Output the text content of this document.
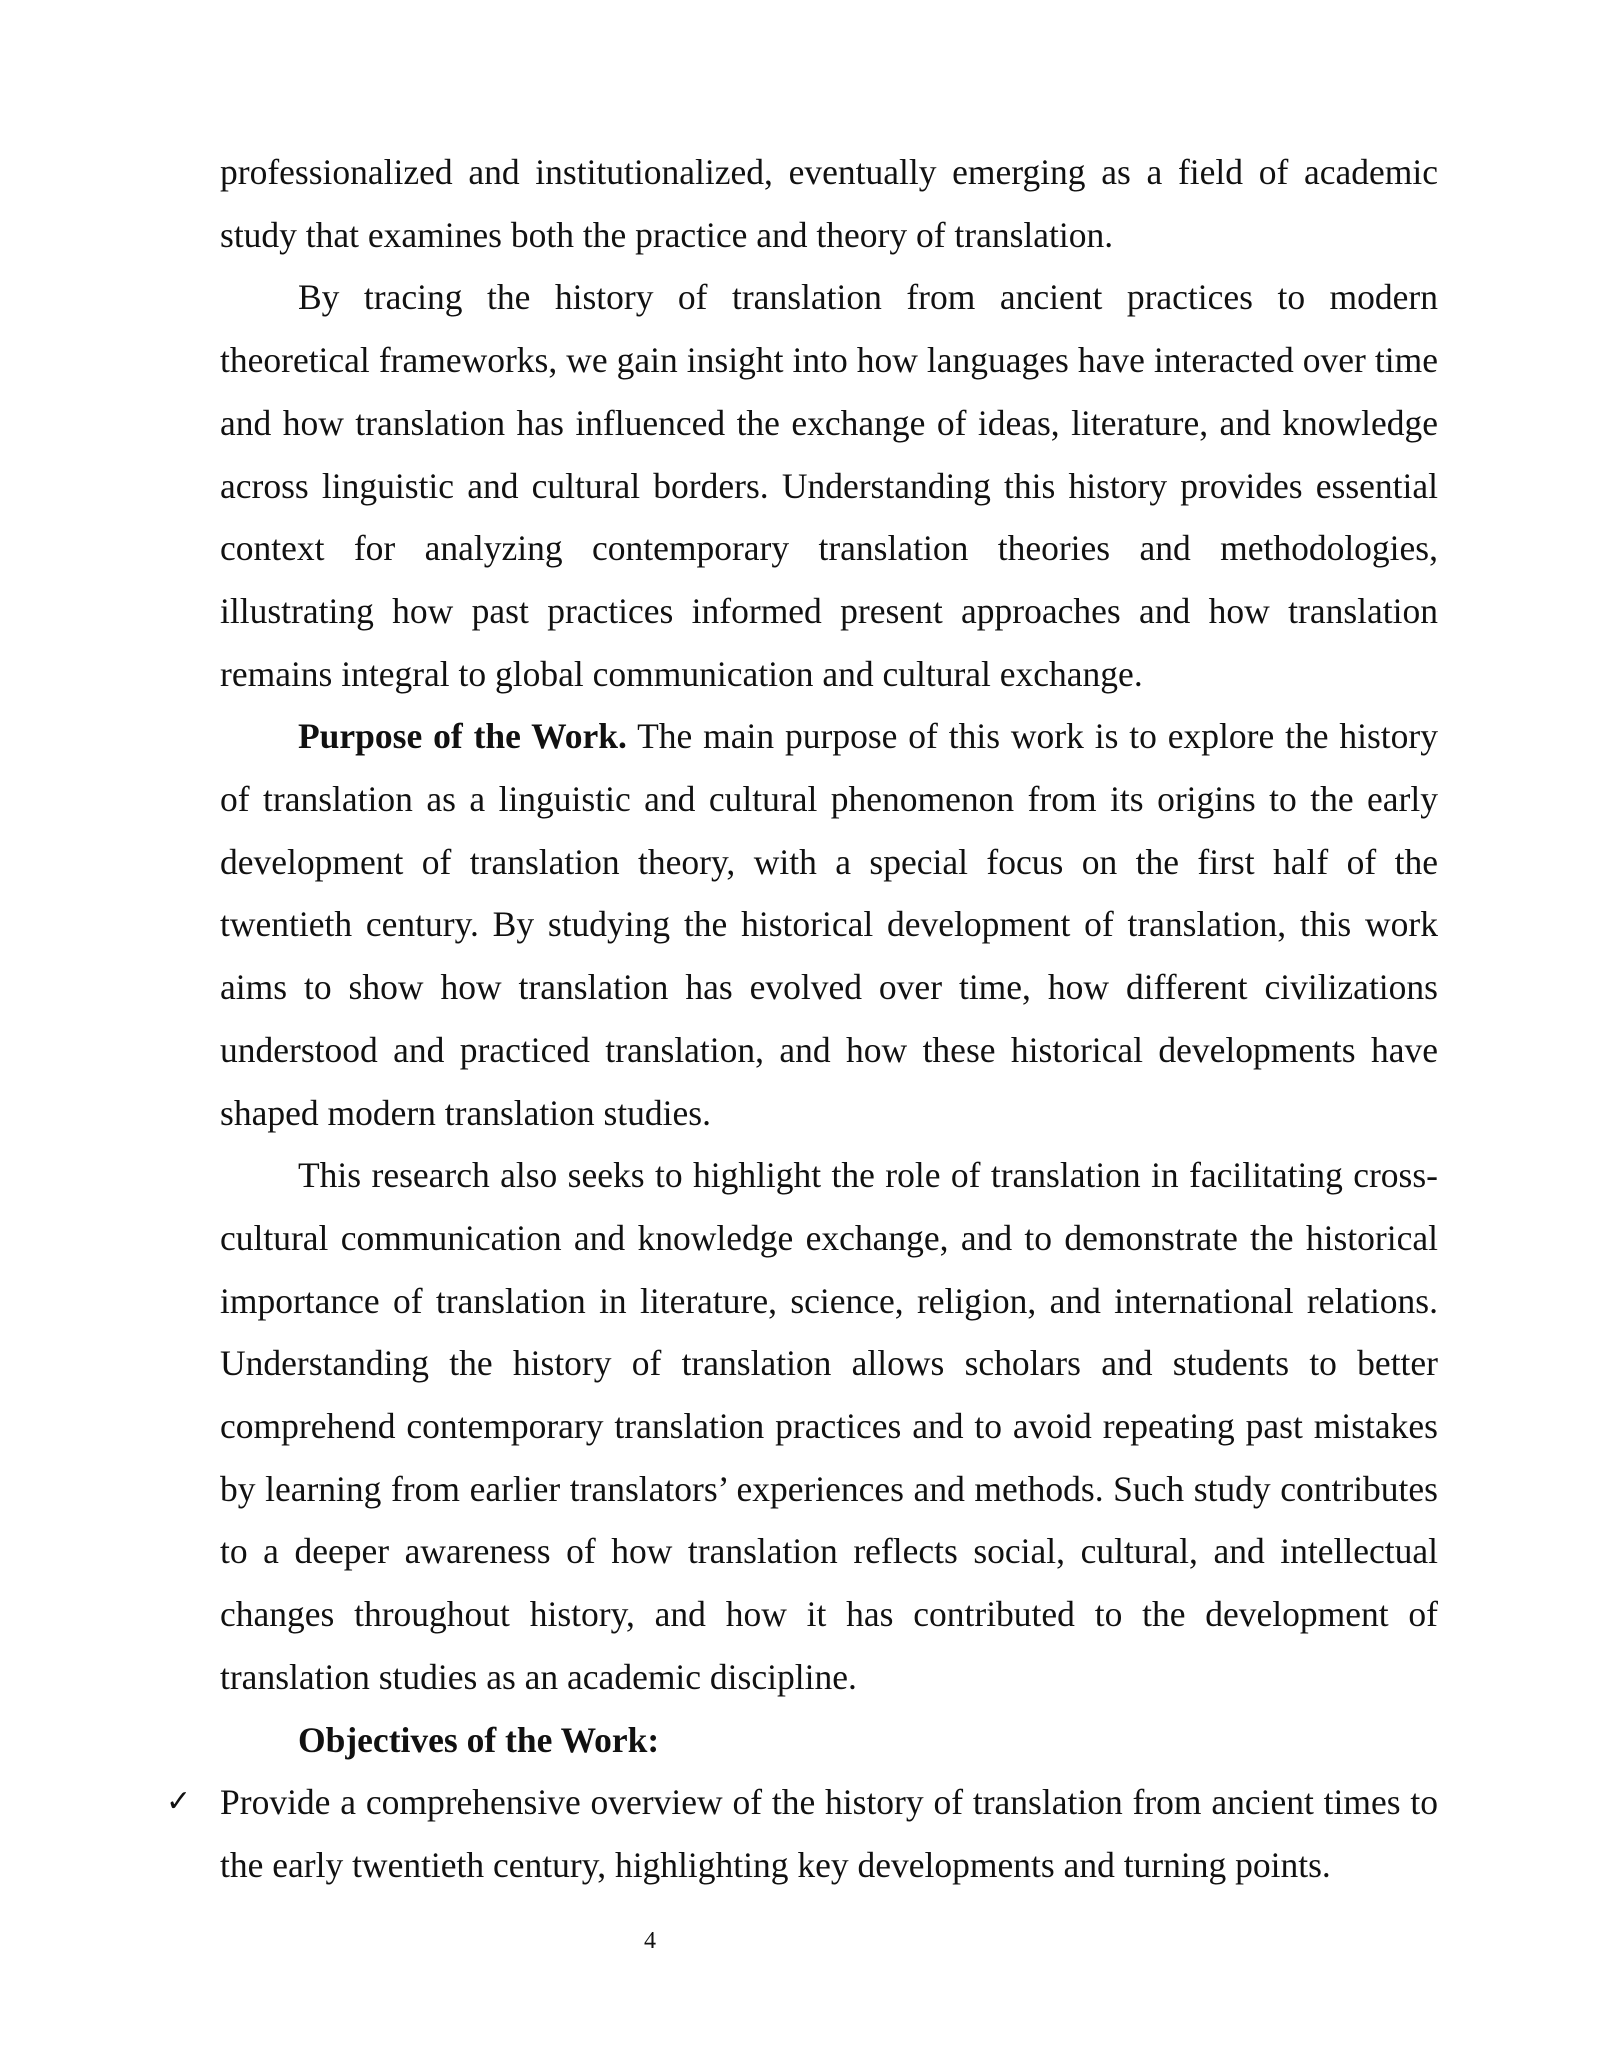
professionalized and institutionalized, eventually emerging as a field of academic study that examines both the practice and theory of translation.

By tracing the history of translation from ancient practices to modern theoretical frameworks, we gain insight into how languages have interacted over time and how translation has influenced the exchange of ideas, literature, and knowledge across linguistic and cultural borders. Understanding this history provides essential context for analyzing contemporary translation theories and methodologies, illustrating how past practices informed present approaches and how translation remains integral to global communication and cultural exchange.

Purpose of the Work. The main purpose of this work is to explore the history of translation as a linguistic and cultural phenomenon from its origins to the early development of translation theory, with a special focus on the first half of the twentieth century. By studying the historical development of translation, this work aims to show how translation has evolved over time, how different civilizations understood and practiced translation, and how these historical developments have shaped modern translation studies.

This research also seeks to highlight the role of translation in facilitating cross-cultural communication and knowledge exchange, and to demonstrate the historical importance of translation in literature, science, religion, and international relations. Understanding the history of translation allows scholars and students to better comprehend contemporary translation practices and to avoid repeating past mistakes by learning from earlier translators’ experiences and methods. Such study contributes to a deeper awareness of how translation reflects social, cultural, and intellectual changes throughout history, and how it has contributed to the development of translation studies as an academic discipline.

Objectives of the Work:

✓ Provide a comprehensive overview of the history of translation from ancient times to the early twentieth century, highlighting key developments and turning points.
4
